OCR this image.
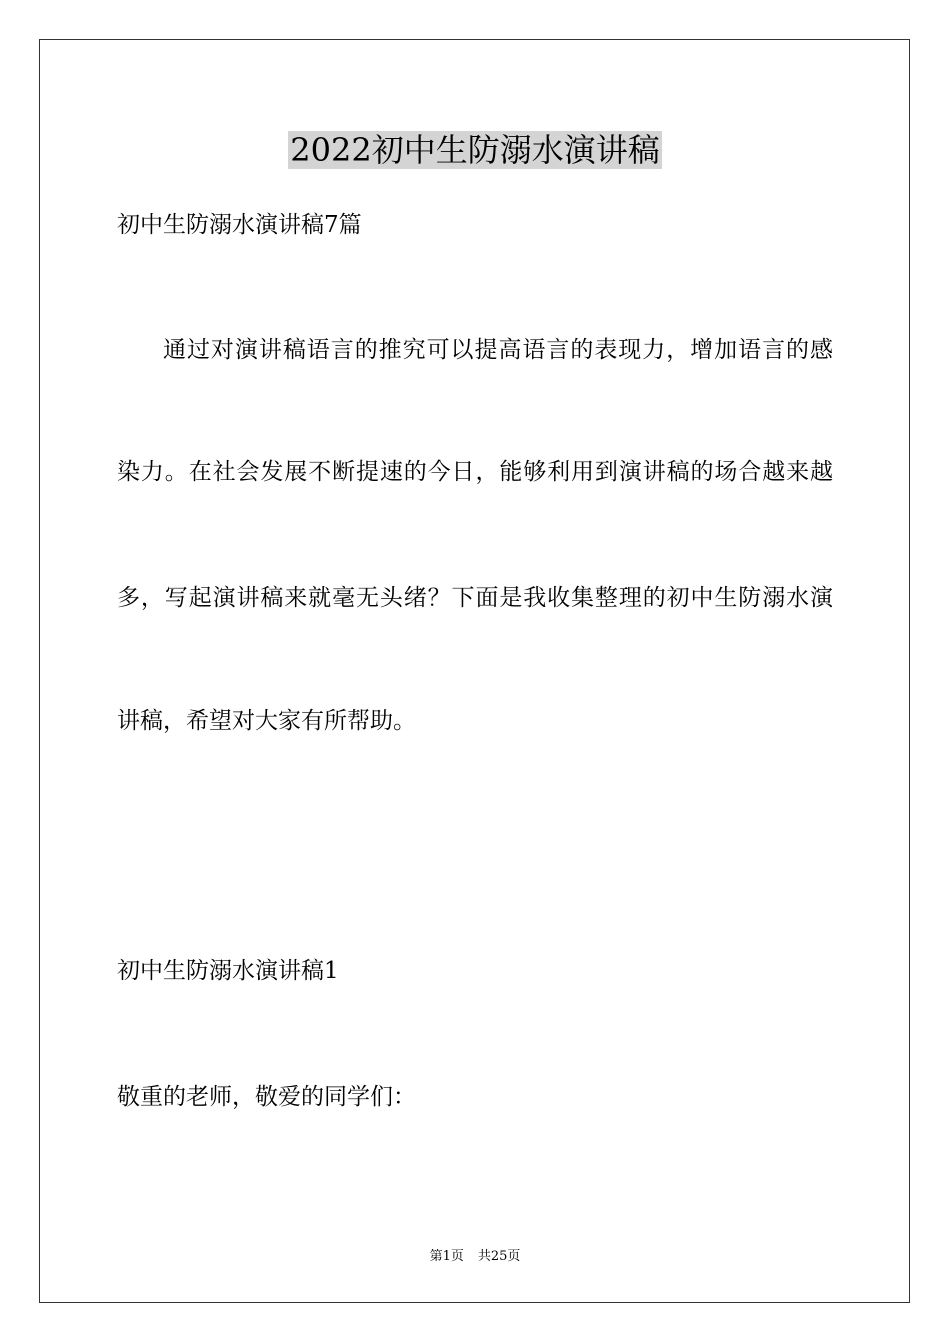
2022初中生防溺水演讲稿
初中生防溺水演讲稿7篇
通过对演讲稿语言的推究可以提高语言的表现力，增加语言的感
染力。在社会发展不断提速的今日，能够利用到演讲稿的场合越来越
多，写起演讲稿来就毫无头绪？下面是我收集整理的初中生防溺水演
讲稿，希望对大家有所帮助。
初中生防溺水演讲稿1
敬重的老师，敬爱的同学们：
第1页 共25页
